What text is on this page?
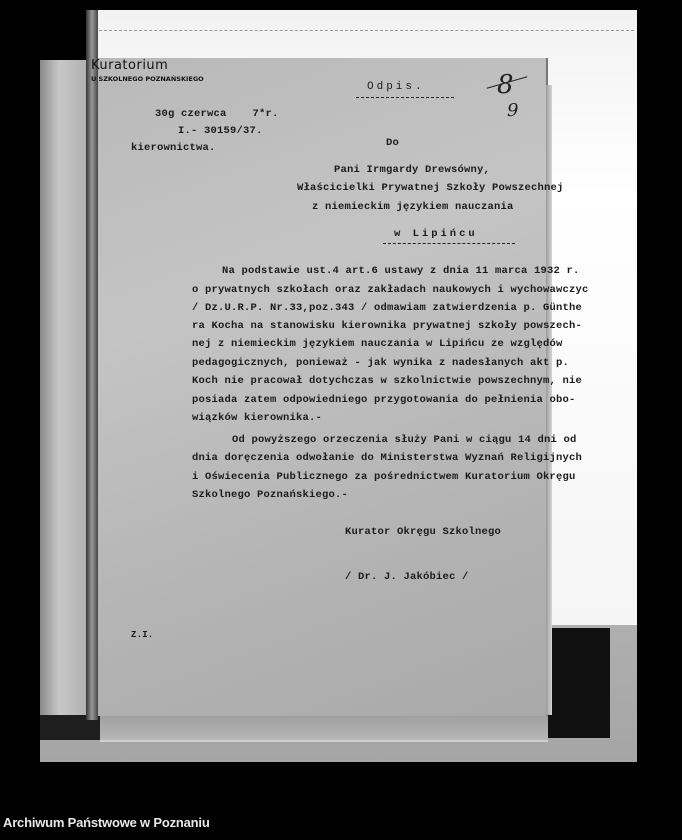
Kuratorium
U SZKOLNEGO POZNAŃSKIEGO
Odpis.	8
9
30g czerwca    7*r.
I.- 30159/37.
kierownictwa.	Do
Pani Irmgardy Drewsówny,
Właścicielki Prywatnej Szkoły Powszechnej
z niemieckim językiem nauczania
w Lipińcu
Na podstawie ust.4 art.6 ustawy z dnia 11 marca 1932 r.
o prywatnych szkołach oraz zakładach naukowych i wychowawczyc
/ Dz.U.R.P. Nr.33,poz.343 / odmawiam zatwierdzenia p. Günthe
ra Kocha na stanowisku kierownika prywatnej szkoły powszech-
nej z niemieckim językiem nauczania w Lipińcu ze względów
pedagogicznych, ponieważ - jak wynika z nadesłanych akt p.
Koch nie pracował dotychczas w szkolnictwie powszechnym, nie
posiada zatem odpowiedniego przygotowania do pełnienia obo-
wiązków kierownika.-
Od powyższego orzeczenia służy Pani w ciągu 14 dni od
dnia doręczenia odwołanie do Ministerstwa Wyznań Religijnych
i Oświecenia Publicznego za pośrednictwem Kuratorium Okręgu
Szkolnego Poznańskiego.-
Kurator Okręgu Szkolnego
/ Dr. J. Jakóbiec /
Z.I.
Archiwum Państwowe w Poznaniu
